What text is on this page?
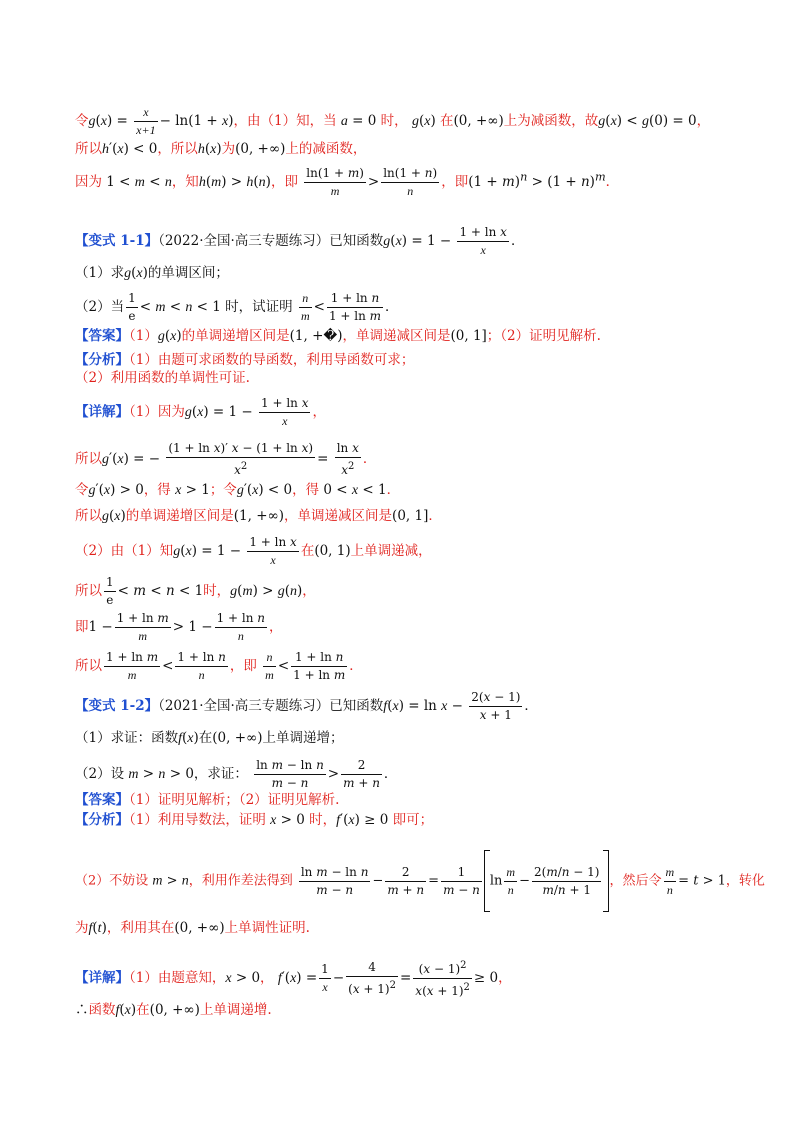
令$g(x) = \frac{x}{x+1} - \ln(1 + x)$，由（1）知，当 a = 0 时， g(x) 在(0, +∞)上为减函数，故g(x) < g(0) = 0，
所以h′(x) < 0，所以h(x)为(0, +∞)上的减函数，
因为 1 < m < n，知h(m) > h(n)，即 $\frac{\ln(1 + m)}{m} > \frac{\ln(1 + n)}{n}$ ，即$(1 + m)^n > (1 + n)^m$．
【变式 1-1】（2022·全国·高三专题练习）已知函数$g(x) = 1 - \frac{\text{1 + ln x}}{x}$ ．
（1）求g(x)的单调区间；
（2）当 $\frac{1}{e} < m < n < 1$ 时，试证明 $\frac{n}{m} < \frac{\text{1 + ln n}}{\text{1 + ln m}}$ ．
【答案】（1）g(x)的单调递增区间是(1, +�)，单调递减区间是(0, 1]；（2）证明见解析.
【分析】（1）由题可求函数的导函数，利用导函数可求；
（2）利用函数的单调性可证.
【详解】（1）因为$g(x) = 1 - \frac{\text{1 + ln x}}{x}$ ，
所以g′(x) = − $\frac{\text{(1 + ln x)′ x − (1 + ln x)}}{x^2} = \frac{\text{ln x}}{x^2}$ ．
令g′(x) > 0，得 x > 1；令g′(x) < 0，得 0 < x < 1．
所以g(x)的单调递增区间是(1, +∞)，单调递减区间是(0, 1]．
（2）由（1）知$g(x) = 1 - \frac{\text{1 + ln x}}{x}$ 在(0, 1)上单调递减，
所以 $\frac{1}{e} < m < n < 1$时，g(m) > g(n)，
即$1 - \frac{\text{1 + ln m}}{m} > 1 - \frac{\text{1 + ln n}}{n}$ ，
所以 $\frac{\text{1 + ln m}}{m} < \frac{\text{1 + ln n}}{n}$ ，即 $\frac{n}{m} < \frac{\text{1 + ln n}}{\text{1 + ln m}}$ ．
【变式 1-2】（2021·全国·高三专题练习）已知函数$f(x) = \ln x - \frac{2(x - 1)}{x + 1}$ ．
（1）求证：函数f(x)在(0, +∞)上单调递增；
（2）设 m > n > 0，求证： $\frac{\text{ln m − ln n}}{m - n} > \frac{2}{m + n}$ ．
【答案】（1）证明见解析；（2）证明见解析.
【分析】（1）利用导数法，证明 x > 0 时，f′(x) ≥ 0 即可；
（2）不妨设 m > n，利用作差法得到 $\frac{\text{ln m − ln n}}{m - n} - \frac{2}{m + n} = \frac{1}{m - n}$ $\ln \frac{m}{n} - \frac{2(m/n - 1)}{m/n + 1}$ ，然后令 $\frac{m}{n} = t > 1$，转化
为f(t)，利用其在(0, +∞)上单调性证明.
【详解】（1）由题意知，x > 0， $f'(x) = \frac{1}{x} - \frac{4}{(x + 1)^2} = \frac{(x - 1)^2}{x(x + 1)^2} \ge 0$，
∴函数f(x)在(0, +∞)上单调递增.
